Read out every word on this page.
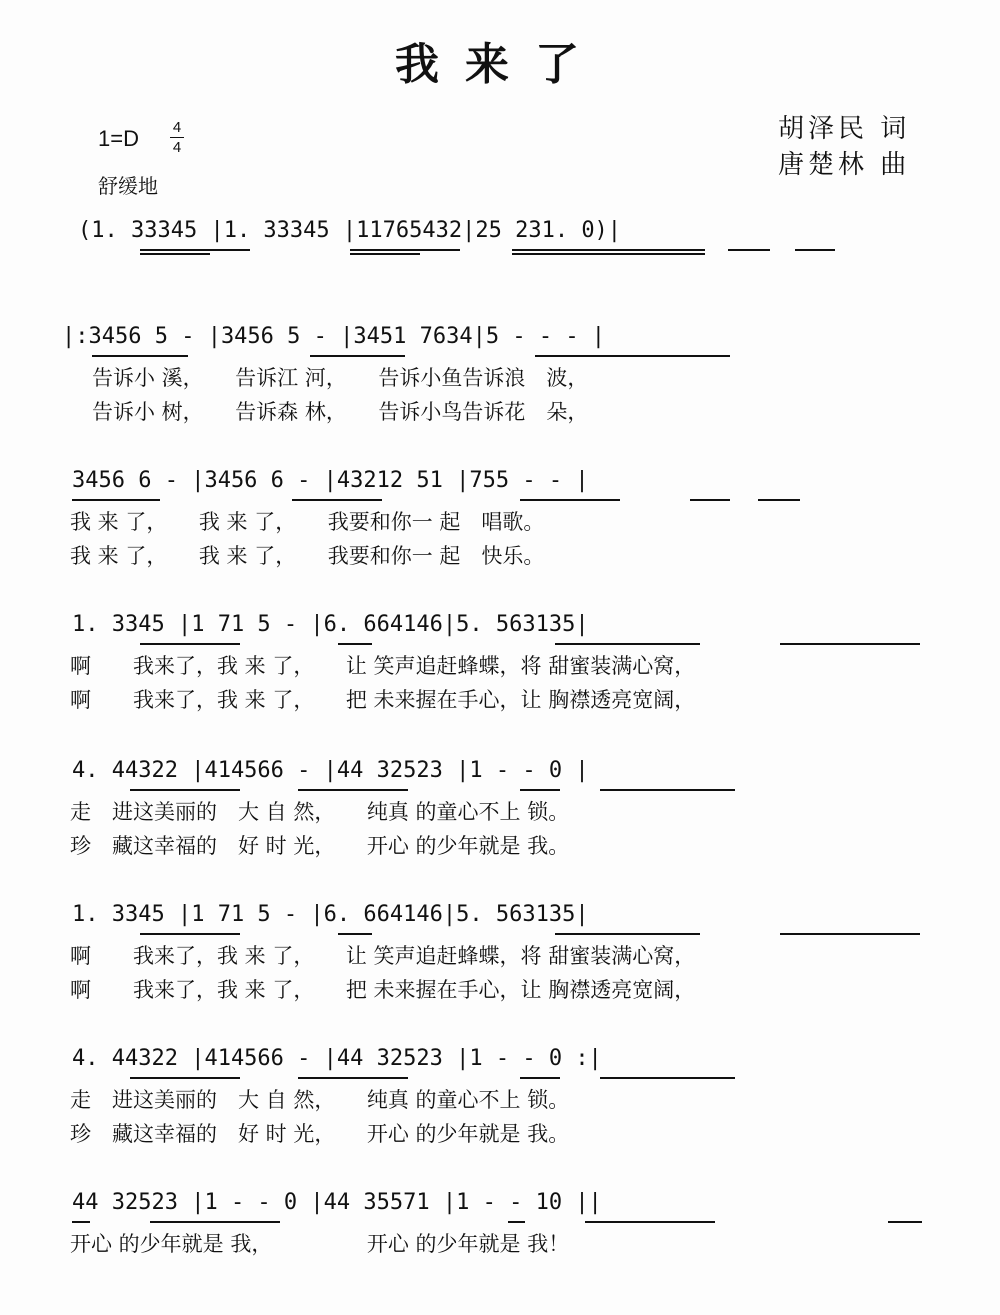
我来了
胡泽民 词
唐楚林 曲
1=D 4
4
舒缓地
(1. 33345 |1. 33345 |11765432|25 231. 0)|
|:3456 5 - |3456 5 - |3451 7634|5 - - - |
告诉小 溪，　　告诉江 河，　　告诉小鱼告诉浪　波，
告诉小 树，　　告诉森 林，　　告诉小鸟告诉花　朵，
3456 6 - |3456 6 - |43212 51 |755 - - |
我 来 了，　　我 来 了，　　我要和你一 起　唱歌。
我 来 了，　　我 来 了，　　我要和你一 起　快乐。
1. 3345 |1 71 5 - |6. 664146|5. 563135|
啊　　我来了，我 来 了，　　让 笑声追赶蜂蝶，将 甜蜜装满心窝，
啊　　我来了，我 来 了，　　把 未来握在手心，让 胸襟透亮宽阔，
4. 44322 |414566 - |44 32523 |1 - - 0 |
走　进这美丽的　大 自 然，　　纯真 的童心不上 锁。
珍　藏这幸福的　好 时 光，　　开心 的少年就是 我。
1. 3345 |1 71 5 - |6. 664146|5. 563135|
啊　　我来了，我 来 了，　　让 笑声追赶蜂蝶，将 甜蜜装满心窝，
啊　　我来了，我 来 了，　　把 未来握在手心，让 胸襟透亮宽阔，
4. 44322 |414566 - |44 32523 |1 - - 0 :|
走　进这美丽的　大 自 然，　　纯真 的童心不上 锁。
珍　藏这幸福的　好 时 光，　　开心 的少年就是 我。
44 32523 |1 - - 0 |44 35571 |1 - - 10 ||
开心 的少年就是 我，　　　　　开心 的少年就是 我！
